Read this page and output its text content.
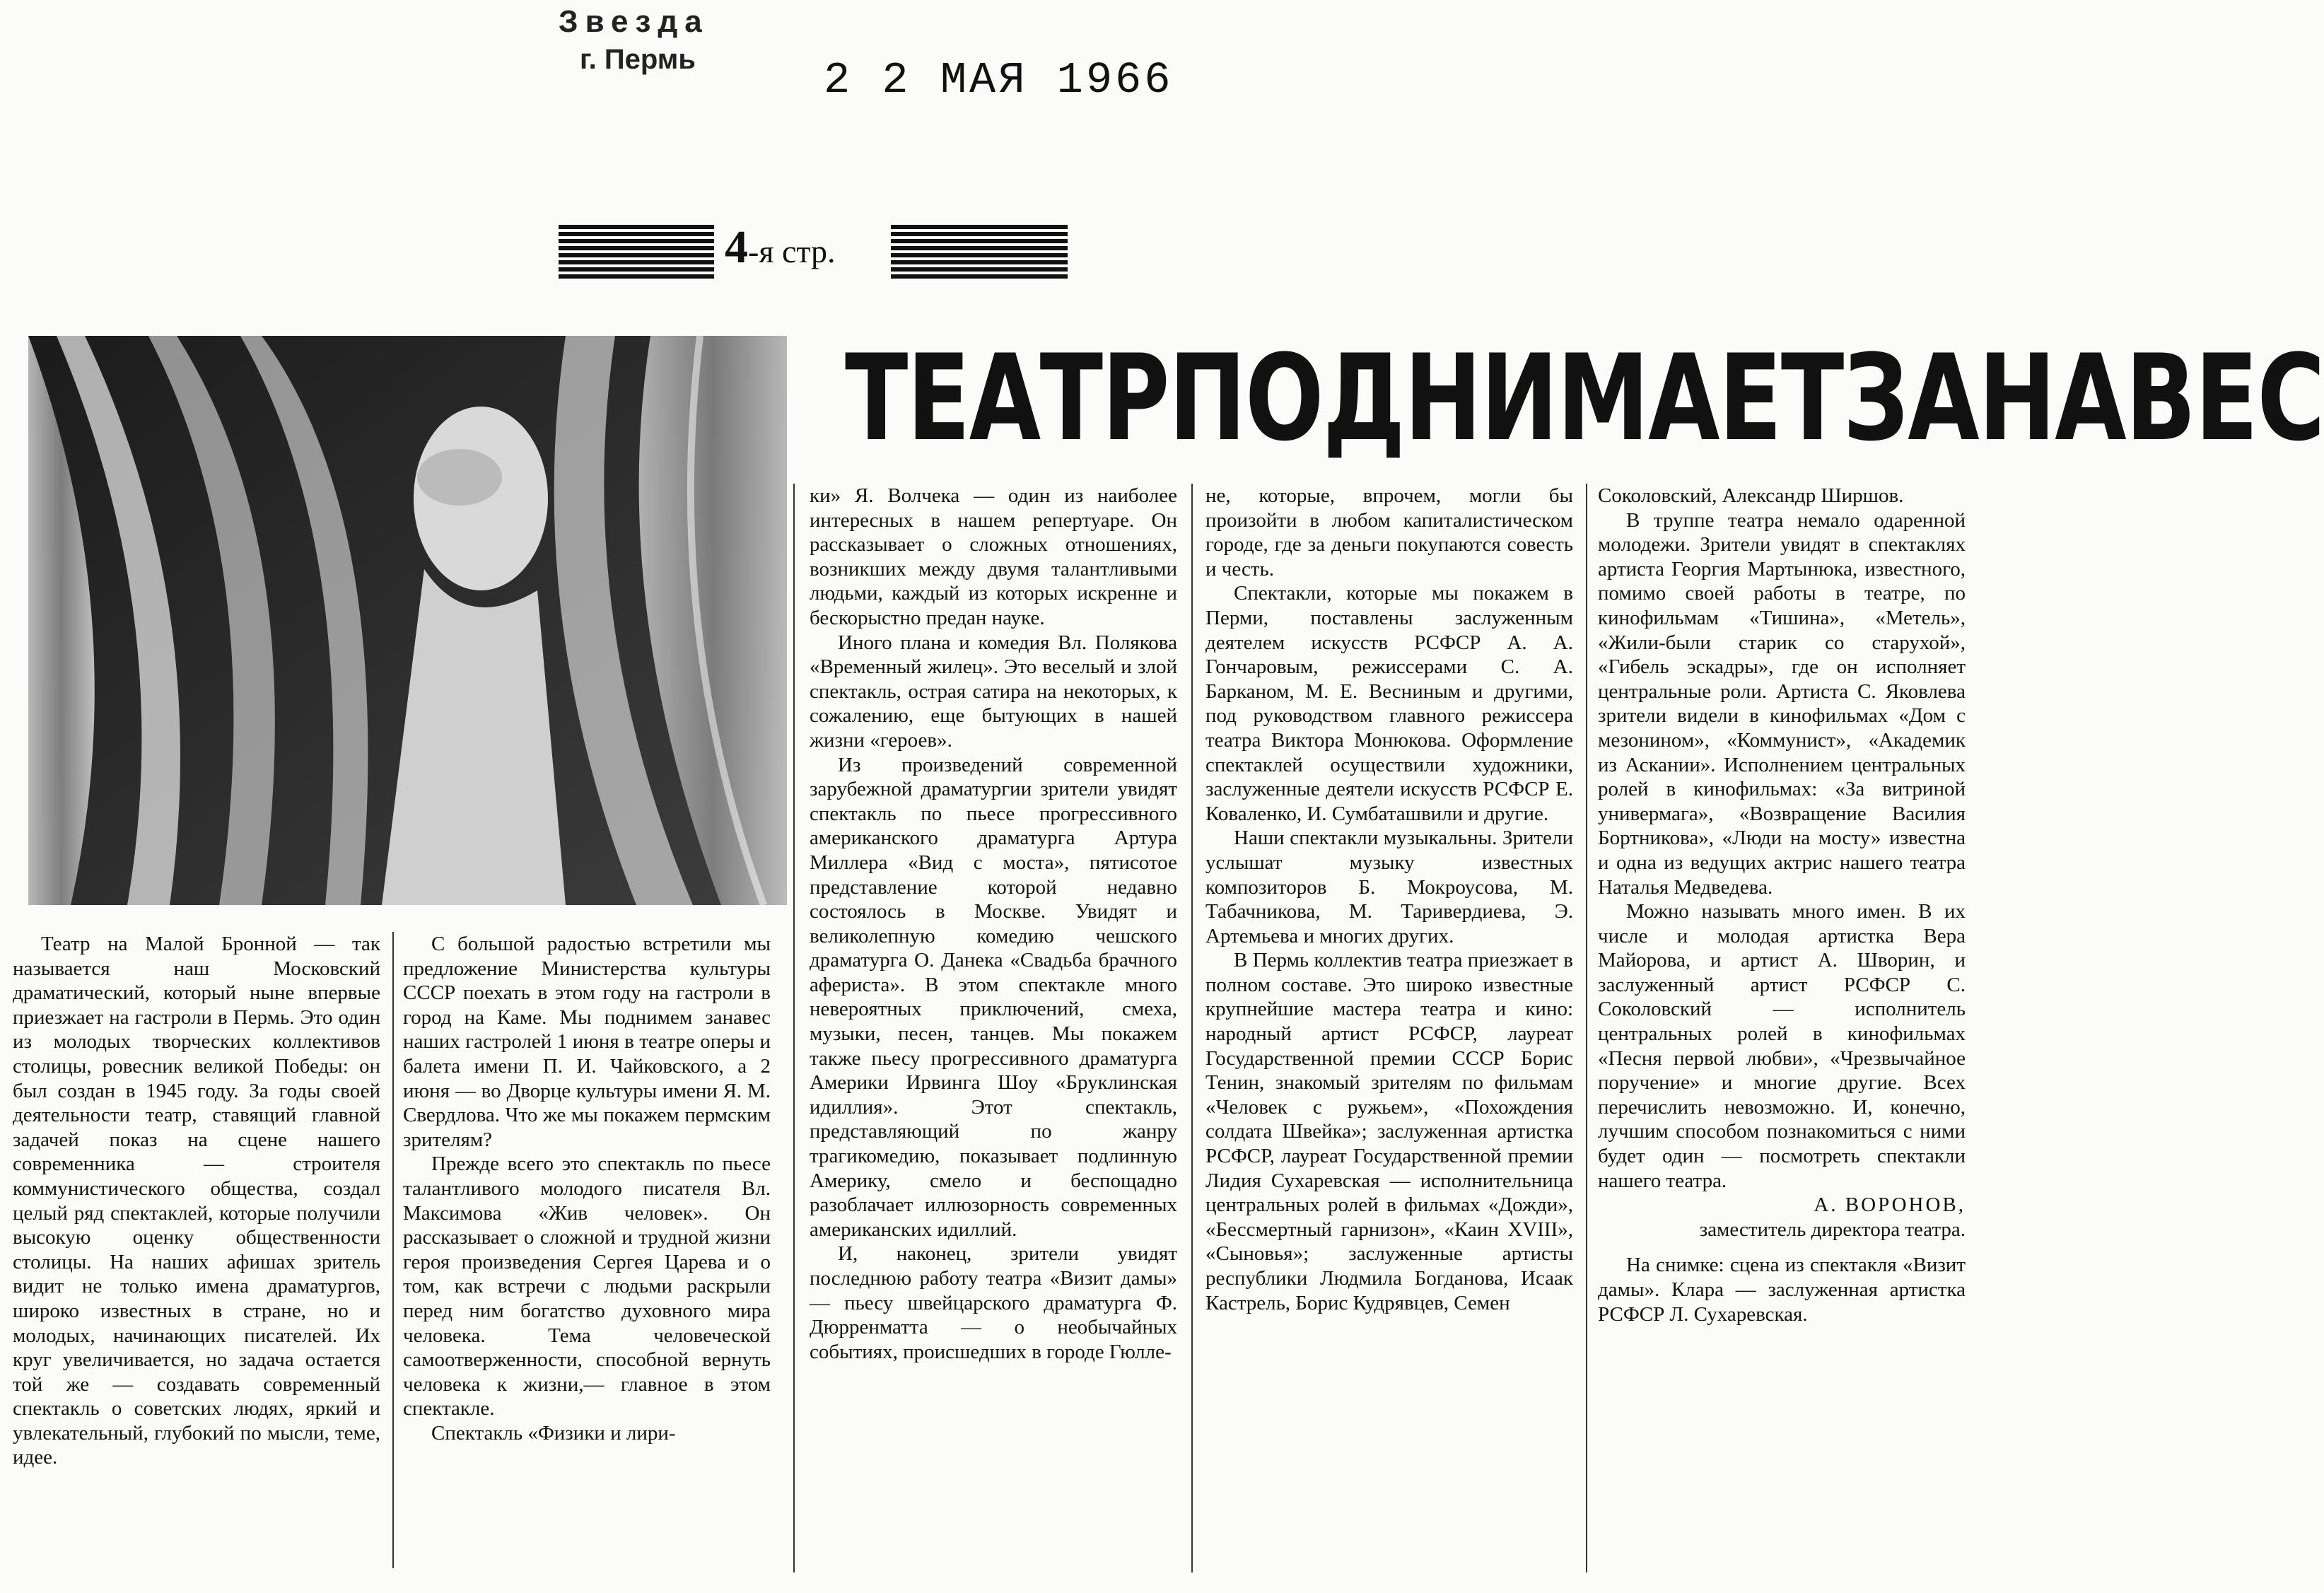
Звезда
г. Пермь	2 2 МАЯ 1966
4-я стр.
ТЕАТР ПОДНИМАЕТ ЗАНАВЕС

Театр на Малой Бронной — так называется наш Московский драматический, который ныне впервые приезжает на гастроли в Пермь. Это один из молодых творческих коллективов столицы, ровесник великой Победы: он был создан в 1945 году. За годы своей деятельности театр, ставящий главной задачей показ на сцене нашего современника — строителя коммунистического общества, создал целый ряд спектаклей, которые получили высокую оценку общественности столицы. На наших афишах зритель видит не только имена драматургов, широко известных в стране, но и молодых, начинающих писателей. Их круг увеличивается, но задача остается той же — создавать современный спектакль о советских людях, яркий и увлекательный, глубокий по мысли, теме, идее.

С большой радостью встретили мы предложение Министерства культуры СССР поехать в этом году на гастроли в город на Каме. Мы поднимем занавес наших гастролей 1 июня в театре оперы и балета имени П. И. Чайковского, а 2 июня — во Дворце культуры имени Я. М. Свердлова. Что же мы покажем пермским зрителям?

Прежде всего это спектакль по пьесе талантливого молодого писателя Вл. Максимова «Жив человек». Он рассказывает о сложной и трудной жизни героя произведения Сергея Царева и о том, как встречи с людьми раскрыли перед ним богатство духовного мира человека. Тема человеческой самоотверженности, способной вернуть человека к жизни,— главное в этом спектакле.

Спектакль «Физики и лири-

ки» Я. Волчека — один из наиболее интересных в нашем репертуаре. Он рассказывает о сложных отношениях, возникших между двумя талантливыми людьми, каждый из которых искренне и бескорыстно предан науке.

Иного плана и комедия Вл. Полякова «Временный жилец». Это веселый и злой спектакль, острая сатира на некоторых, к сожалению, еще бытующих в нашей жизни «героев».

Из произведений современной зарубежной драматургии зрители увидят спектакль по пьесе прогрессивного американского драматурга Артура Миллера «Вид с моста», пятисотое представление которой недавно состоялось в Москве. Увидят и великолепную комедию чешского драматурга О. Данека «Свадьба брачного афериста». В этом спектакле много невероятных приключений, смеха, музыки, песен, танцев. Мы покажем также пьесу прогрессивного драматурга Америки Ирвинга Шоу «Бруклинская идиллия». Этот спектакль, представляющий по жанру трагикомедию, показывает подлинную Америку, смело и беспощадно разоблачает иллюзорность современных американских идиллий.

И, наконец, зрители увидят последнюю работу театра «Визит дамы» — пьесу швейцарского драматурга Ф. Дюрренматта — о необычайных событиях, происшедших в городе Гюлле-

не, которые, впрочем, могли бы произойти в любом капиталистическом городе, где за деньги покупаются совесть и честь.

Спектакли, которые мы покажем в Перми, поставлены заслуженным деятелем искусств РСФСР А. А. Гончаровым, режиссерами С. А. Барканом, М. Е. Весниным и другими, под руководством главного режиссера театра Виктора Монюкова. Оформление спектаклей осуществили художники, заслуженные деятели искусств РСФСР Е. Коваленко, И. Сумбаташвили и другие.

Наши спектакли музыкальны. Зрители услышат музыку известных композиторов Б. Мокроусова, М. Табачникова, М. Таривердиева, Э. Артемьева и многих других.

В Пермь коллектив театра приезжает в полном составе. Это широко известные крупнейшие мастера театра и кино: народный артист РСФСР, лауреат Государственной премии СССР Борис Тенин, знакомый зрителям по фильмам «Человек с ружьем», «Похождения солдата Швейка»; заслуженная артистка РСФСР, лауреат Государственной премии Лидия Сухаревская — исполнительница центральных ролей в фильмах «Дожди», «Бессмертный гарнизон», «Каин XVIII», «Сыновья»; заслуженные артисты республики Людмила Богданова, Исаак Кастрель, Борис Кудрявцев, Семен

Соколовский, Александр Ширшов.

В труппе театра немало одаренной молодежи. Зрители увидят в спектаклях артиста Георгия Мартынюка, известного, помимо своей работы в театре, по кинофильмам «Тишина», «Метель», «Жили-были старик со старухой», «Гибель эскадры», где он исполняет центральные роли. Артиста С. Яковлева зрители видели в кинофильмах «Дом с мезонином», «Коммунист», «Академик из Аскании». Исполнением центральных ролей в кинофильмах: «За витриной универмага», «Возвращение Василия Бортникова», «Люди на мосту» известна и одна из ведущих актрис нашего театра Наталья Медведева.

Можно называть много имен. В их числе и молодая артистка Вера Майорова, и артист А. Шворин, и заслуженный артист РСФСР С. Соколовский — исполнитель центральных ролей в кинофильмах «Песня первой любви», «Чрезвычайное поручение» и многие другие. Всех перечислить невозможно. И, конечно, лучшим способом познакомиться с ними будет один — посмотреть спектакли нашего театра.

А. ВОРОНОВ,

заместитель директора театра.

На снимке: сцена из спектакля «Визит дамы». Клара — заслуженная артистка РСФСР Л. Сухаревская.
